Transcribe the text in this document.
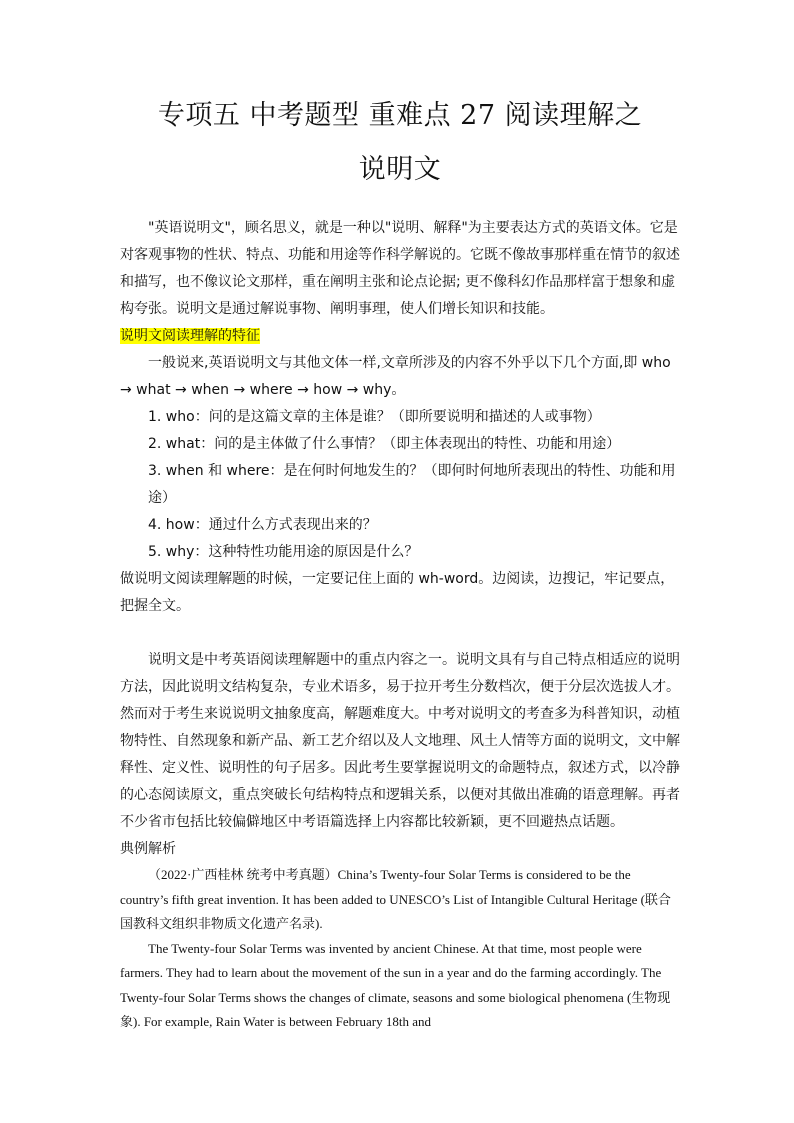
专项五 中考题型 重难点 27 阅读理解之
说明文

"英语说明文"，顾名思义，就是一种以"说明、解释"为主要表达方式的英语文体。它是对客观事物的性状、特点、功能和用途等作科学解说的。它既不像故事那样重在情节的叙述和描写，也不像议论文那样，重在阐明主张和论点论据; 更不像科幻作品那样富于想象和虚构夸张。说明文是通过解说事物、阐明事理，使人们增长知识和技能。

说明文阅读理解的特征

一般说来,英语说明文与其他文体一样,文章所涉及的内容不外乎以下几个方面,即 who → what → when → where → how → why。

1. who：问的是这篇文章的主体是谁？（即所要说明和描述的人或事物）

2. what：问的是主体做了什么事情？（即主体表现出的特性、功能和用途）

3. when 和 where：是在何时何地发生的？（即何时何地所表现出的特性、功能和用途）

4. how：通过什么方式表现出来的？

5. why：这种特性功能用途的原因是什么？

做说明文阅读理解题的时候，一定要记住上面的 wh-word。边阅读，边搜记，牢记要点，把握全文。

说明文是中考英语阅读理解题中的重点内容之一。说明文具有与自己特点相适应的说明方法，因此说明文结构复杂，专业术语多，易于拉开考生分数档次，便于分层次选拔人才。然而对于考生来说说明文抽象度高，解题难度大。中考对说明文的考查多为科普知识，动植物特性、自然现象和新产品、新工艺介绍以及人文地理、风土人情等方面的说明文，文中解释性、定义性、说明性的句子居多。因此考生要掌握说明文的命题特点，叙述方式，以冷静的心态阅读原文，重点突破长句结构特点和逻辑关系，以便对其做出准确的语意理解。再者不少省市包括比较偏僻地区中考语篇选择上内容都比较新颖，更不回避热点话题。

典例解析

（2022·广西桂林 统考中考真题）China’s Twenty-four Solar Terms is considered to be the country’s fifth great invention. It has been added to UNESCO’s List of Intangible Cultural Heritage (联合国教科文组织非物质文化遗产名录).

The Twenty-four Solar Terms was invented by ancient Chinese. At that time, most people were farmers. They had to learn about the movement of the sun in a year and do the farming accordingly. The Twenty-four Solar Terms shows the changes of climate, seasons and some biological phenomena (生物现象). For example, Rain Water is between February 18th and
